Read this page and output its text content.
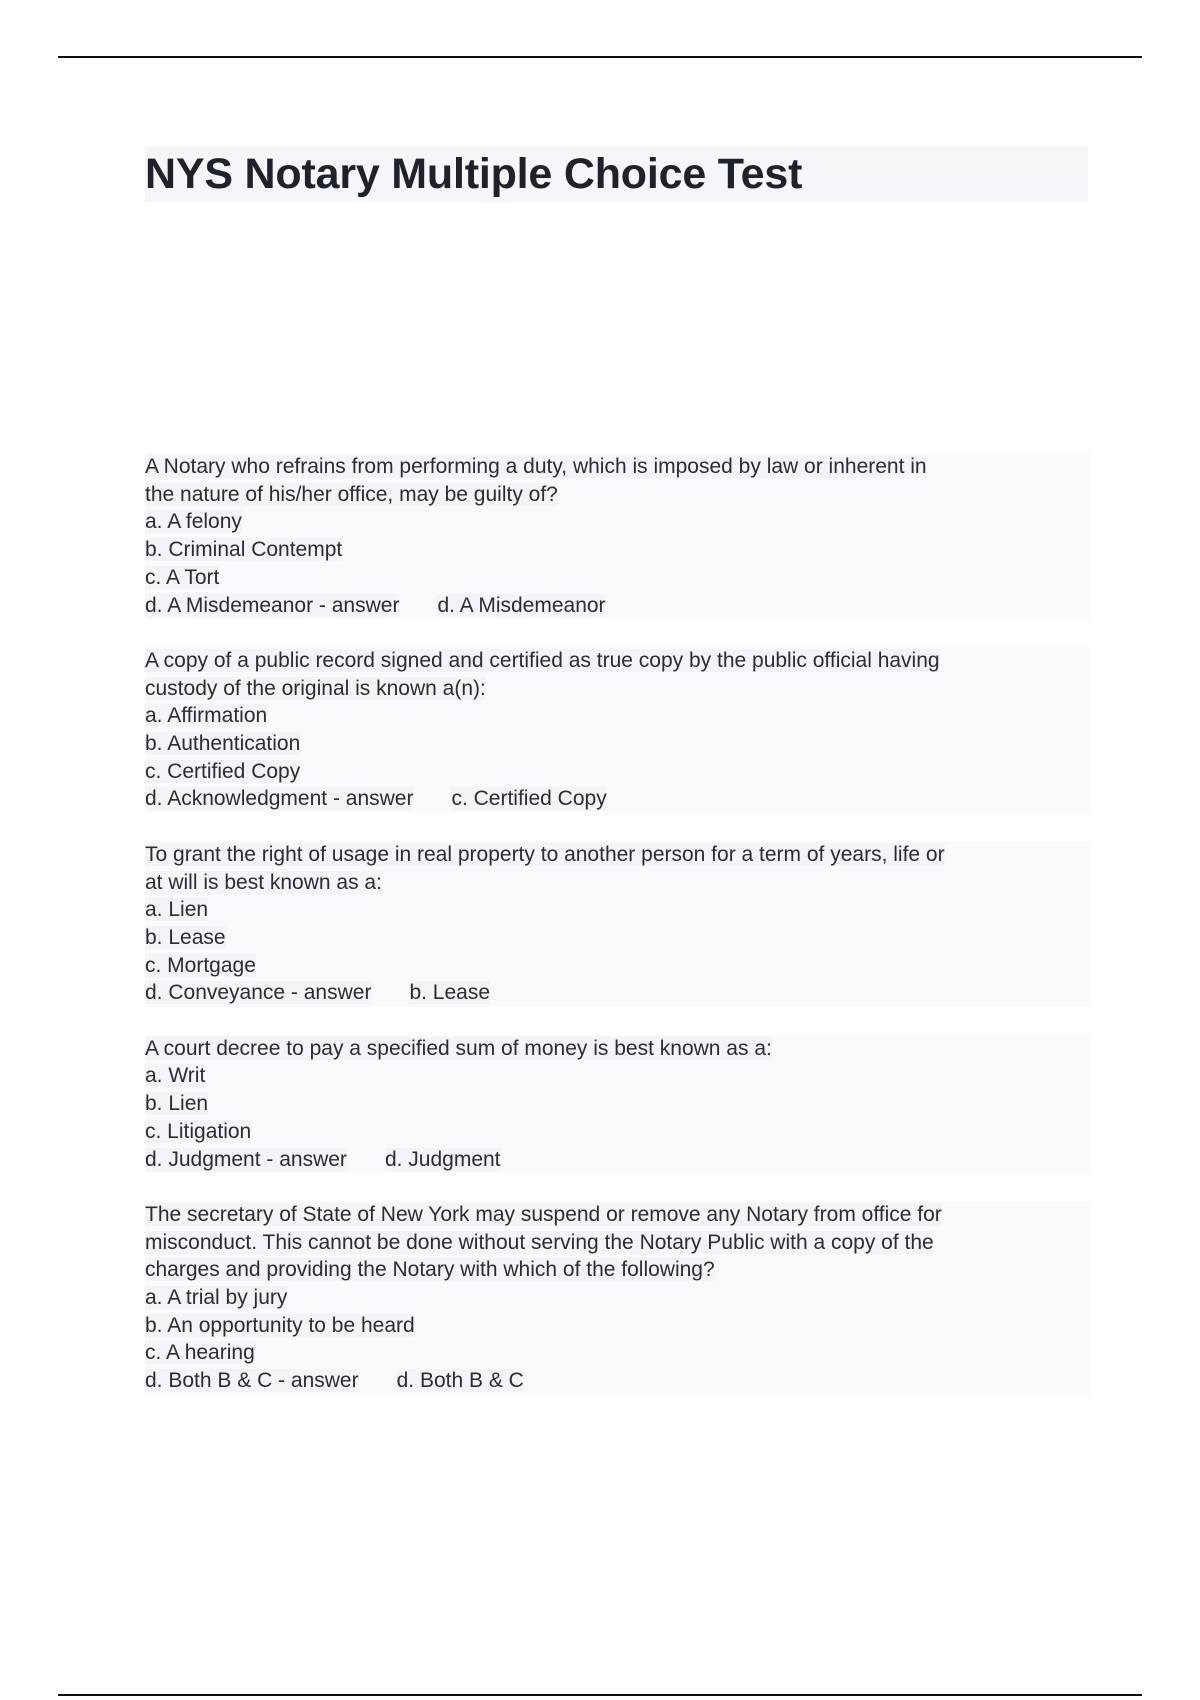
NYS Notary Multiple Choice Test
A Notary who refrains from performing a duty, which is imposed by law or inherent in
the nature of his/her office, may be guilty of?
a. A felony
b. Criminal Contempt
c. A Tort
d. A Misdemeanor - answer d. A Misdemeanor
A copy of a public record signed and certified as true copy by the public official having
custody of the original is known a(n):
a. Affirmation
b. Authentication
c. Certified Copy
d. Acknowledgment - answer c. Certified Copy
To grant the right of usage in real property to another person for a term of years, life or
at will is best known as a:
a. Lien
b. Lease
c. Mortgage
d. Conveyance - answer b. Lease
A court decree to pay a specified sum of money is best known as a:
a. Writ
b. Lien
c. Litigation
d. Judgment - answer d. Judgment
The secretary of State of New York may suspend or remove any Notary from office for
misconduct. This cannot be done without serving the Notary Public with a copy of the
charges and providing the Notary with which of the following?
a. A trial by jury
b. An opportunity to be heard
c. A hearing
d. Both B & C - answer d. Both B & C
